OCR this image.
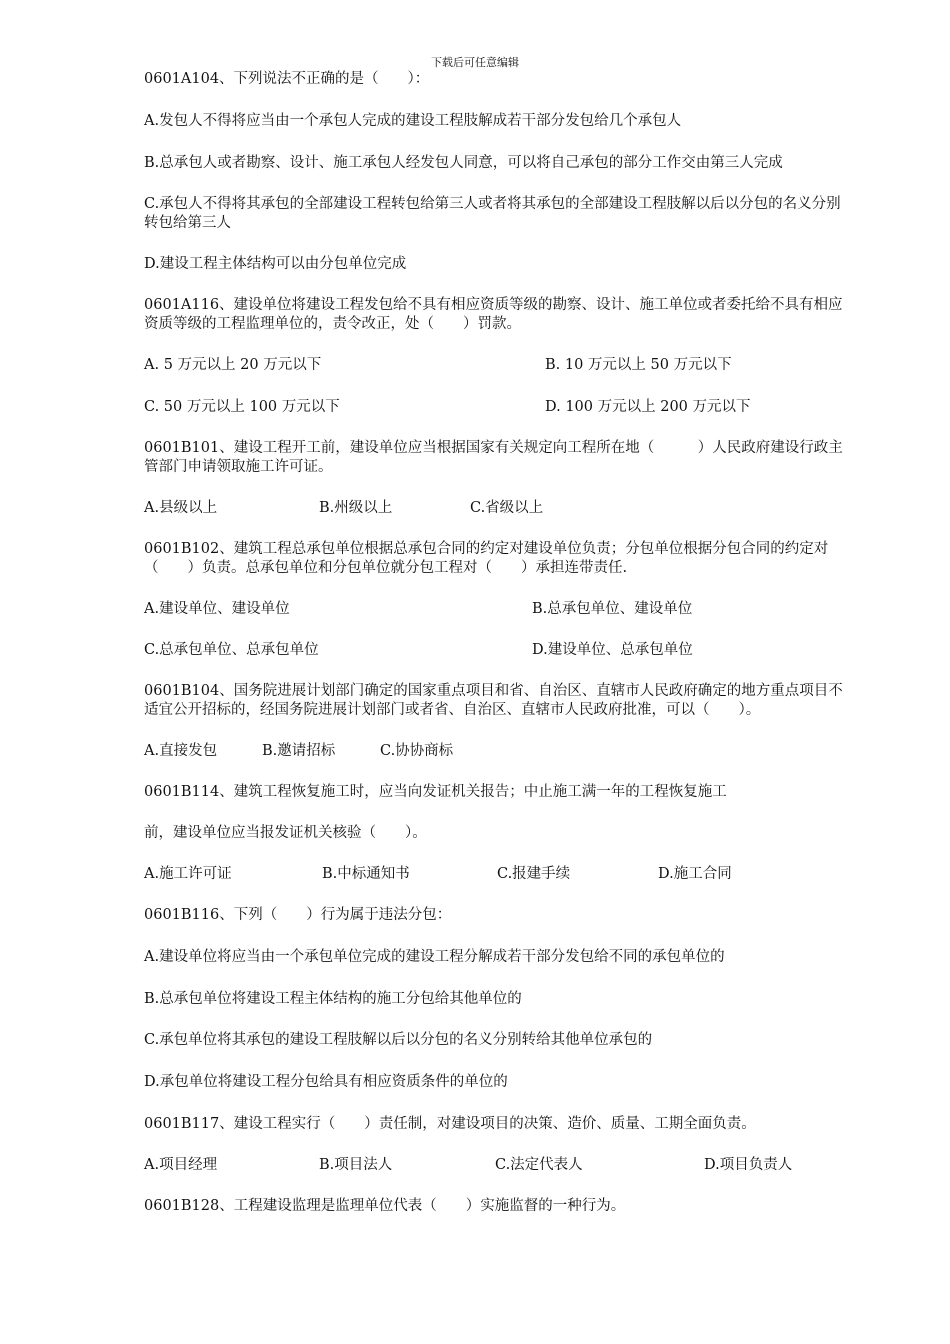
下载后可任意编辑

0601A104、下列说法不正确的是（　　）：

A.发包人不得将应当由一个承包人完成的建设工程肢解成若干部分发包给几个承包人

B.总承包人或者勘察、设计、施工承包人经发包人同意，可以将自己承包的部分工作交由第三人完成

C.承包人不得将其承包的全部建设工程转包给第三人或者将其承包的全部建设工程肢解以后以分包的名义分别转包给第三人

D.建设工程主体结构可以由分包单位完成

0601A116、建设单位将建设工程发包给不具有相应资质等级的勘察、设计、施工单位或者委托给不具有相应资质等级的工程监理单位的，责令改正，处（　　）罚款。

A. 5 万元以上 20 万元以下	B. 10 万元以上 50 万元以下
C. 50 万元以上 100 万元以下	D. 100 万元以上 200 万元以下

0601B101、建设工程开工前，建设单位应当根据国家有关规定向工程所在地（　　　）人民政府建设行政主管部门申请领取施工许可证。

A.县级以上	B.州级以上	C.省级以上

0601B102、建筑工程总承包单位根据总承包合同的约定对建设单位负责；分包单位根据分包合同的约定对（　　）负责。总承包单位和分包单位就分包工程对（　　）承担连带责任.

A.建设单位、建设单位	B.总承包单位、建设单位
C.总承包单位、总承包单位	D.建设单位、总承包单位

0601B104、国务院进展计划部门确定的国家重点项目和省、自治区、直辖市人民政府确定的地方重点项目不适宜公开招标的，经国务院进展计划部门或者省、自治区、直辖市人民政府批准，可以（　　）。

A.直接发包	B.邀请招标	C.协协商标

0601B114、建筑工程恢复施工时，应当向发证机关报告；中止施工满一年的工程恢复施工

前，建设单位应当报发证机关核验（　　）。

A.施工许可证	B.中标通知书	C.报建手续	D.施工合同

0601B116、下列（　　）行为属于违法分包：

A.建设单位将应当由一个承包单位完成的建设工程分解成若干部分发包给不同的承包单位的

B.总承包单位将建设工程主体结构的施工分包给其他单位的

C.承包单位将其承包的建设工程肢解以后以分包的名义分别转给其他单位承包的

D.承包单位将建设工程分包给具有相应资质条件的单位的

0601B117、建设工程实行（　　）责任制，对建设项目的决策、造价、质量、工期全面负责。

A.项目经理	B.项目法人	C.法定代表人	D.项目负责人

0601B128、工程建设监理是监理单位代表（　　）实施监督的一种行为。
